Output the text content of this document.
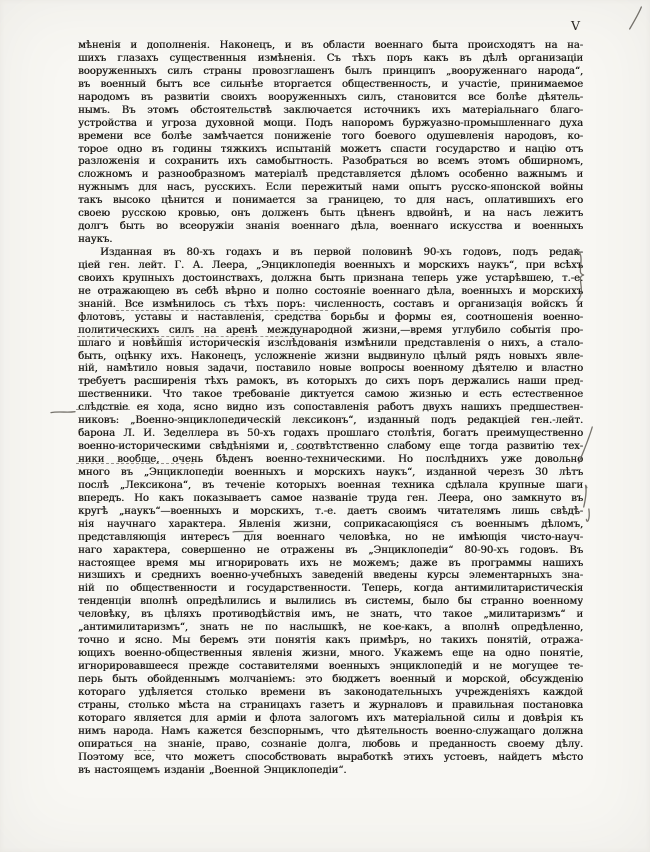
V
мѣненія и дополненія. Наконецъ, и въ области военнаго быта происходятъ на на-
шихъ глазахъ существенныя измѣненія. Съ тѣхъ поръ какъ въ дѣлѣ организаціи
вооруженныхъ силъ страны провозглашенъ былъ принципъ „вооруженнаго народа“,
въ военный бытъ все сильнѣе вторгается общественность, и участіе, принимаемое
народомъ въ развитіи своихъ вооруженныхъ силъ, становится все болѣе дѣятель-
нымъ. Въ этомъ обстоятельствѣ заключается источникъ ихъ матеріальнаго благо-
устройства и угроза духовной мощи. Подъ напоромъ буржуазно-промышленнаго духа
времени все болѣе замѣчается пониженіе того боевого одушевленія народовъ, ко-
торое одно въ годины тяжкихъ испытаній можетъ спасти государство и націю отъ
разложенія и сохранить ихъ самобытность. Разобраться во всемъ этомъ обширномъ,
сложномъ и разнообразномъ матеріалѣ представляется дѣломъ особенно важнымъ и
нужнымъ для насъ, русскихъ. Если пережитый нами опытъ русско-японской войны
такъ высоко цѣнится и понимается за границею, то для насъ, оплатившихъ его
своею русскою кровью, онъ долженъ быть цѣненъ вдвойнѣ, и на насъ лежитъ
долгъ быть во всеоружіи знанія военнаго дѣла, военнаго искусства и военныхъ
наукъ.
Изданная въ 80-хъ годахъ и въ первой половинѣ 90-хъ годовъ, подъ редак-
ціей ген. лейт. Г. А. Леера, „Энциклопедія военныхъ и морскихъ наукъ“, при всѣхъ
своихъ крупныхъ достоинствахъ, должна быть признана теперь уже устарѣвшею, т.-е.
не отражающею въ себѣ вѣрно и полно состояніе военнаго дѣла, военныхъ и морскихъ
знаній. Все измѣнилось съ тѣхъ поръ: численность, составъ и организація войскъ и
флотовъ, уставы и наставленія, средства борьбы и формы ея, соотношенія военно-
политическихъ силъ на аренѣ международной жизни,—время углубило событія про-
шлаго и новѣйшія историческія изслѣдованія измѣнили представленія о нихъ, а стало-
быть, оцѣнку ихъ. Наконецъ, усложненіе жизни выдвинуло цѣлый рядъ новыхъ явле-
ній, намѣтило новыя задачи, поставило новые вопросы военному дѣятелю и властно
требуетъ расширенія тѣхъ рамокъ, въ которыхъ до сихъ поръ держались наши пред-
шественники. Что такое требованіе диктуется самою жизнью и есть естественное
слѣдствіе ея хода, ясно видно изъ сопоставленія работъ двухъ нашихъ предшествен-
никовъ: „Военно-энциклопедическій лексиконъ“, изданный подъ редакціей ген.-лейт.
барона Л. И. Зеделлера въ 50-хъ годахъ прошлаго столѣтія, богатъ преимущественно
военно-историческими свѣдѣніями и, соотвѣтственно слабому еще тогда развитію тех-
ники вообще, очень бѣденъ военно-техническими. Но послѣднихъ уже довольно
много въ „Энциклопедіи военныхъ и морскихъ наукъ“, изданной черезъ 30 лѣтъ
послѣ „Лексикона“, въ теченіе которыхъ военная техника сдѣлала крупные шаги
впередъ. Но какъ показываетъ самое названіе труда ген. Леера, оно замкнуто въ
кругѣ „наукъ“—военныхъ и морскихъ, т.-е. даетъ своимъ читателямъ лишь свѣдѣ-
нія научнаго характера. Явленія жизни, соприкасающіяся съ военнымъ дѣломъ,
представляющія интересъ для военнаго человѣка, но не имѣющія чисто-науч-
наго характера, совершенно не отражены въ „Энциклопедіи“ 80-90-хъ годовъ. Въ
настоящее время мы игнорировать ихъ не можемъ; даже въ программы нашихъ
низшихъ и среднихъ военно-учебныхъ заведеній введены курсы элементарныхъ зна-
ній по общественности и государственности. Теперь, когда антимилитаристическія
тенденціи вполнѣ опредѣлились и вылились въ системы, было бы странно военному
человѣку, въ цѣляхъ противодѣйствія имъ, не знать, что такое „милитаризмъ“ и
„антимилитаризмъ“, знать не по наслышкѣ, не кое-какъ, а вполнѣ опредѣленно,
точно и ясно. Мы беремъ эти понятія какъ примѣръ, но такихъ понятій, отража-
ющихъ военно-общественныя явленія жизни, много. Укажемъ еще на одно понятіе,
игнорировавшееся прежде составителями военныхъ энциклопедій и не могущее те-
перь быть обойденнымъ молчаніемъ: это бюджетъ военный и морской, обсужденію
котораго удѣляется столько времени въ законодательныхъ учрежденіяхъ каждой
страны, столько мѣста на страницахъ газетъ и журналовъ и правильная постановка
котораго является для арміи и флота залогомъ ихъ матеріальной силы и довѣрія къ
нимъ народа. Намъ кажется безспорнымъ, что дѣятельность военно-служащаго должна
опираться на знаніе, право, сознаніе долга, любовь и преданность своему дѣлу.
Поэтому все, что можетъ способствовать выработкѣ этихъ устоевъ, найдетъ мѣсто
въ настоящемъ изданіи „Военной Энциклопедіи“.
